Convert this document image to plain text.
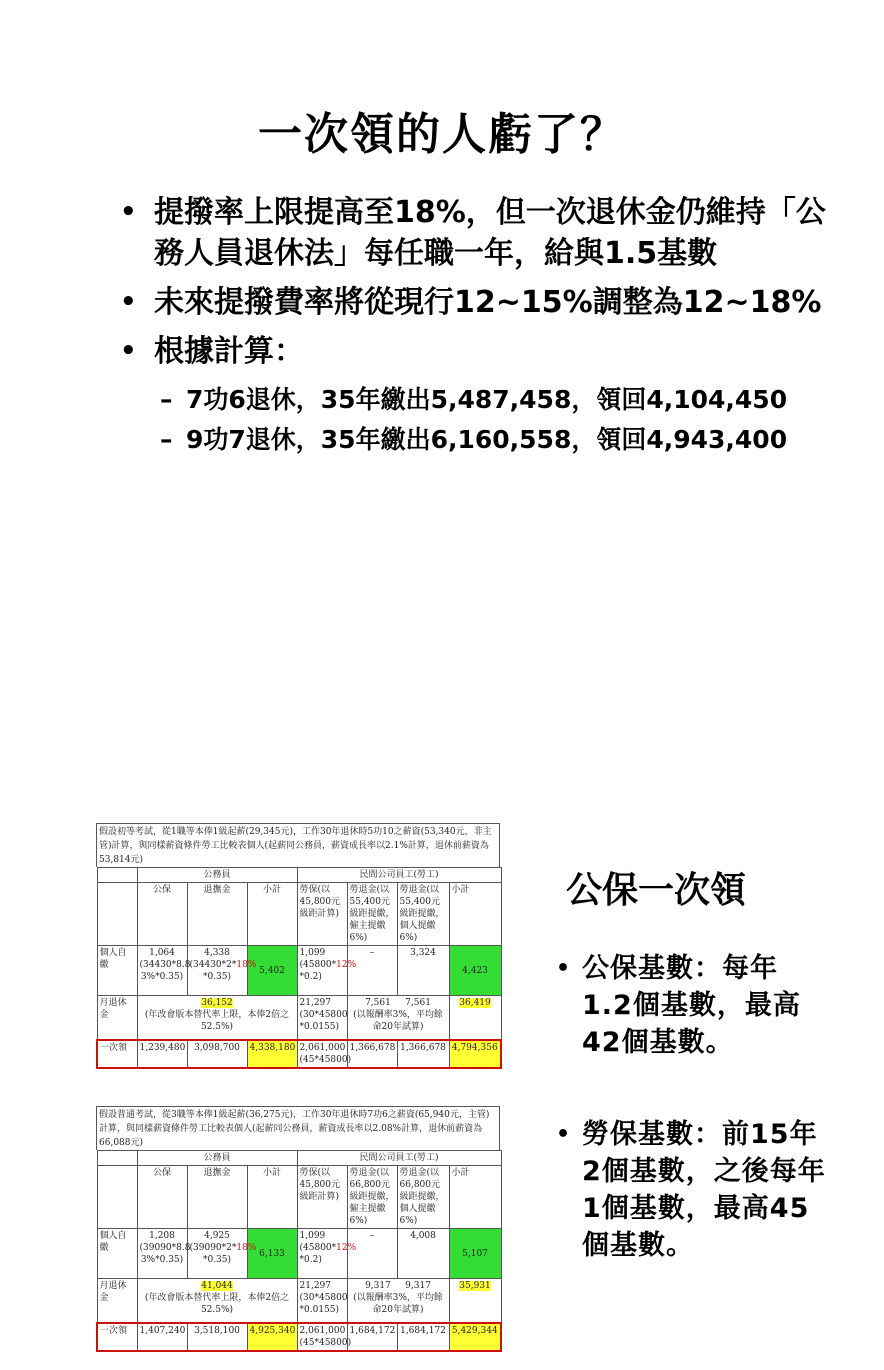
一次領的人虧了？
• 提撥率上限提高至18%，但一次退休金仍維持「公務人員退休法」每任職一年，給與1.5基數
• 未來提撥費率將從現行12~15%調整為12~18%
• 根據計算：
– 7功6退休，35年繳出5,487,458，領回4,104,450
– 9功7退休，35年繳出6,160,558，領回4,943,400
假設初等考試，從1職等本俸1級起薪(29,345元)，工作30年退休時5功10之薪資(53,340元，非主管)計算，與同樣薪資條件勞工比較表個人(起薪同公務員，薪資成長率以2.1%計算，退休前薪資為53,814元)
	公務員			民間公司員工(勞工)			
	公保	退撫金	小計	勞保(以45,800元級距計算)	勞退金(以55,400元級距提繳，僱主提繳6%)	勞退金(以55,400元級距提繳，個人提繳6%)	小計
個人自繳	1,064
(34430*8.8
3%*0.35)	4,338
(34430*2*18%
*0.35)	5,402	1,099
(45800*12%
*0.2)	–	3,324	4,423
月退休金	36,152
(年改會版本替代率上限，本俸2倍之52.5%)			21,297
(30*45800
*0.0155)	7,561 7,561
(以報酬率3%，平均餘命20年試算)		36,419
一次領	1,239,480	3,098,700	4,338,180	2,061,000
(45*45800)	1,366,678	1,366,678	4,794,356
假設普通考試，從3職等本俸1級起薪(36,275元)，工作30年退休時7功6之薪資(65,940元，主管)計算，與同樣薪資條件勞工比較表個人(起薪同公務員，薪資成長率以2.08%計算，退休前薪資為66,088元)
	公務員			民間公司員工(勞工)			
	公保	退撫金	小計	勞保(以45,800元級距計算)	勞退金(以66,800元級距提繳，僱主提繳6%)	勞退金(以66,800元級距提繳，個人提繳6%)	小計
個人自繳	1,208
(39090*8.8
3%*0.35)	4,925
(39090*2*18%
*0.35)	6,133	1,099
(45800*12%
*0.2)	–	4,008	5,107
月退休金	41,044
(年改會版本替代率上限，本俸2倍之52.5%)			21,297
(30*45800
*0.0155)	9,317 9,317
(以報酬率3%，平均餘命20年試算)		35,931
一次領	1,407,240	3,518,100	4,925,340	2,061,000
(45*45800)	1,684,172	1,684,172	5,429,344
公保一次領
• 公保基數：每年1.2個基數，最高42個基數。
• 勞保基數：前15年2個基數，之後每年1個基數，最高45個基數。
